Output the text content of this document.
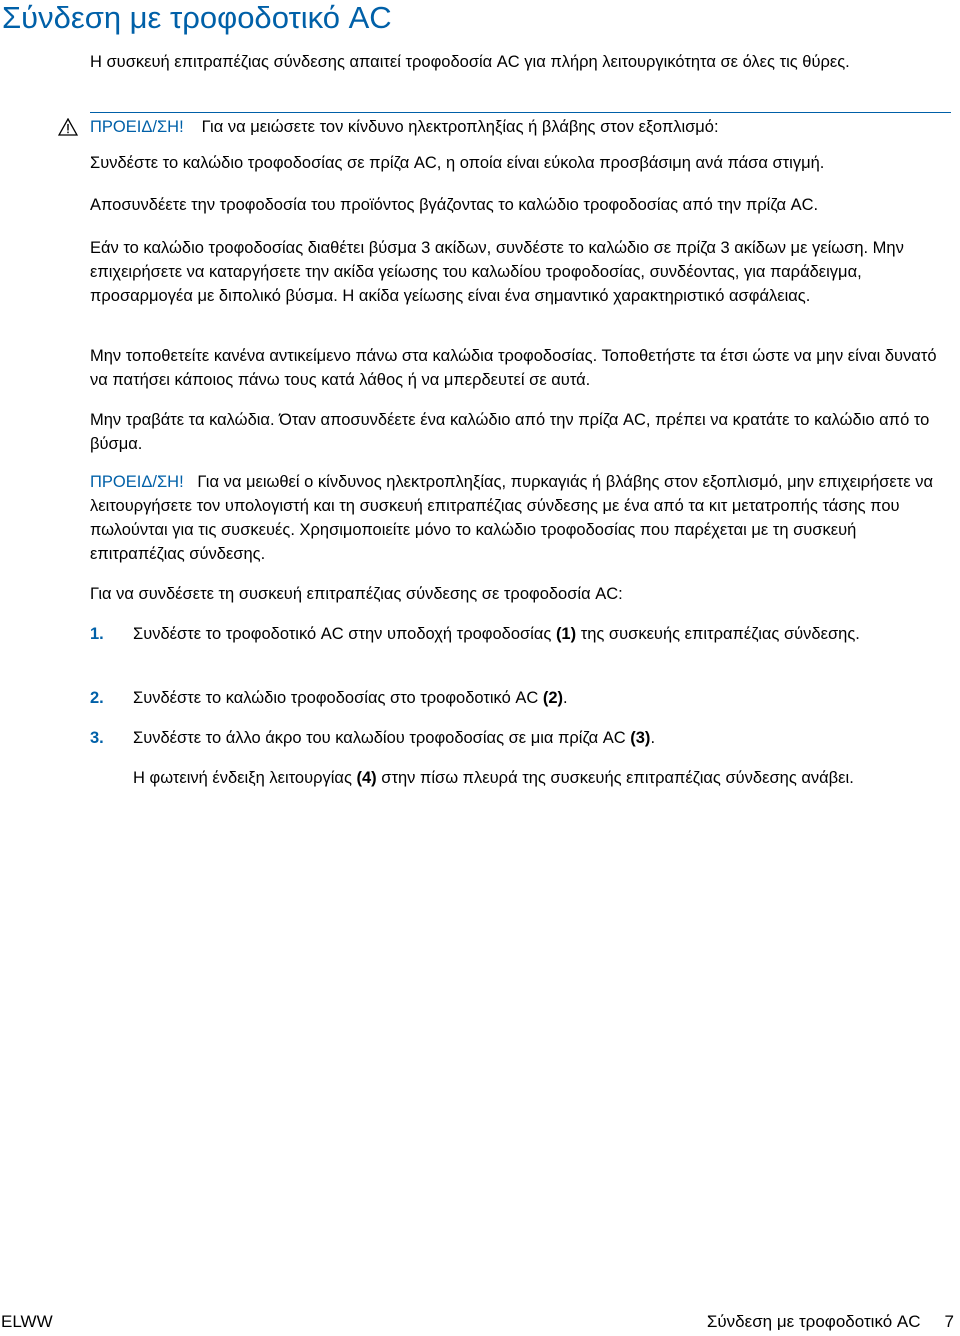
Σύνδεση με τροφοδοτικό AC

Η συσκευή επιτραπέζιας σύνδεσης απαιτεί τροφοδοσία AC για πλήρη λειτουργικότητα σε όλες τις θύρες.

ΠΡΟΕΙΔ/ΣΗ! Για να μειώσετε τον κίνδυνο ηλεκτροπληξίας ή βλάβης στον εξοπλισμό:

Συνδέστε το καλώδιο τροφοδοσίας σε πρίζα AC, η οποία είναι εύκολα προσβάσιμη ανά πάσα στιγμή.

Αποσυνδέετε την τροφοδοσία του προϊόντος βγάζοντας το καλώδιο τροφοδοσίας από την πρίζα AC.

Εάν το καλώδιο τροφοδοσίας διαθέτει βύσμα 3 ακίδων, συνδέστε το καλώδιο σε πρίζα 3 ακίδων με γείωση. Μην επιχειρήσετε να καταργήσετε την ακίδα γείωσης του καλωδίου τροφοδοσίας, συνδέοντας, για παράδειγμα, προσαρμογέα με διπολικό βύσμα. Η ακίδα γείωσης είναι ένα σημαντικό χαρακτηριστικό ασφάλειας.

Μην τοποθετείτε κανένα αντικείμενο πάνω στα καλώδια τροφοδοσίας. Τοποθετήστε τα έτσι ώστε να μην είναι δυνατό να πατήσει κάποιος πάνω τους κατά λάθος ή να μπερδευτεί σε αυτά.

Μην τραβάτε τα καλώδια. Όταν αποσυνδέετε ένα καλώδιο από την πρίζα AC, πρέπει να κρατάτε το καλώδιο από το βύσμα.

ΠΡΟΕΙΔ/ΣΗ! Για να μειωθεί ο κίνδυνος ηλεκτροπληξίας, πυρκαγιάς ή βλάβης στον εξοπλισμό, μην επιχειρήσετε να λειτουργήσετε τον υπολογιστή και τη συσκευή επιτραπέζιας σύνδεσης με ένα από τα κιτ μετατροπής τάσης που πωλούνται για τις συσκευές. Χρησιμοποιείτε μόνο το καλώδιο τροφοδοσίας που παρέχεται με τη συσκευή επιτραπέζιας σύνδεσης.

Για να συνδέσετε τη συσκευή επιτραπέζιας σύνδεσης σε τροφοδοσία AC:

1. Συνδέστε το τροφοδοτικό AC στην υποδοχή τροφοδοσίας (1) της συσκευής επιτραπέζιας σύνδεσης.

2. Συνδέστε το καλώδιο τροφοδοσίας στο τροφοδοτικό AC (2).

3. Συνδέστε το άλλο άκρο του καλωδίου τροφοδοσίας σε μια πρίζα AC (3).

Η φωτεινή ένδειξη λειτουργίας (4) στην πίσω πλευρά της συσκευής επιτραπέζιας σύνδεσης ανάβει.

ELWW	Σύνδεση με τροφοδοτικό AC 7
